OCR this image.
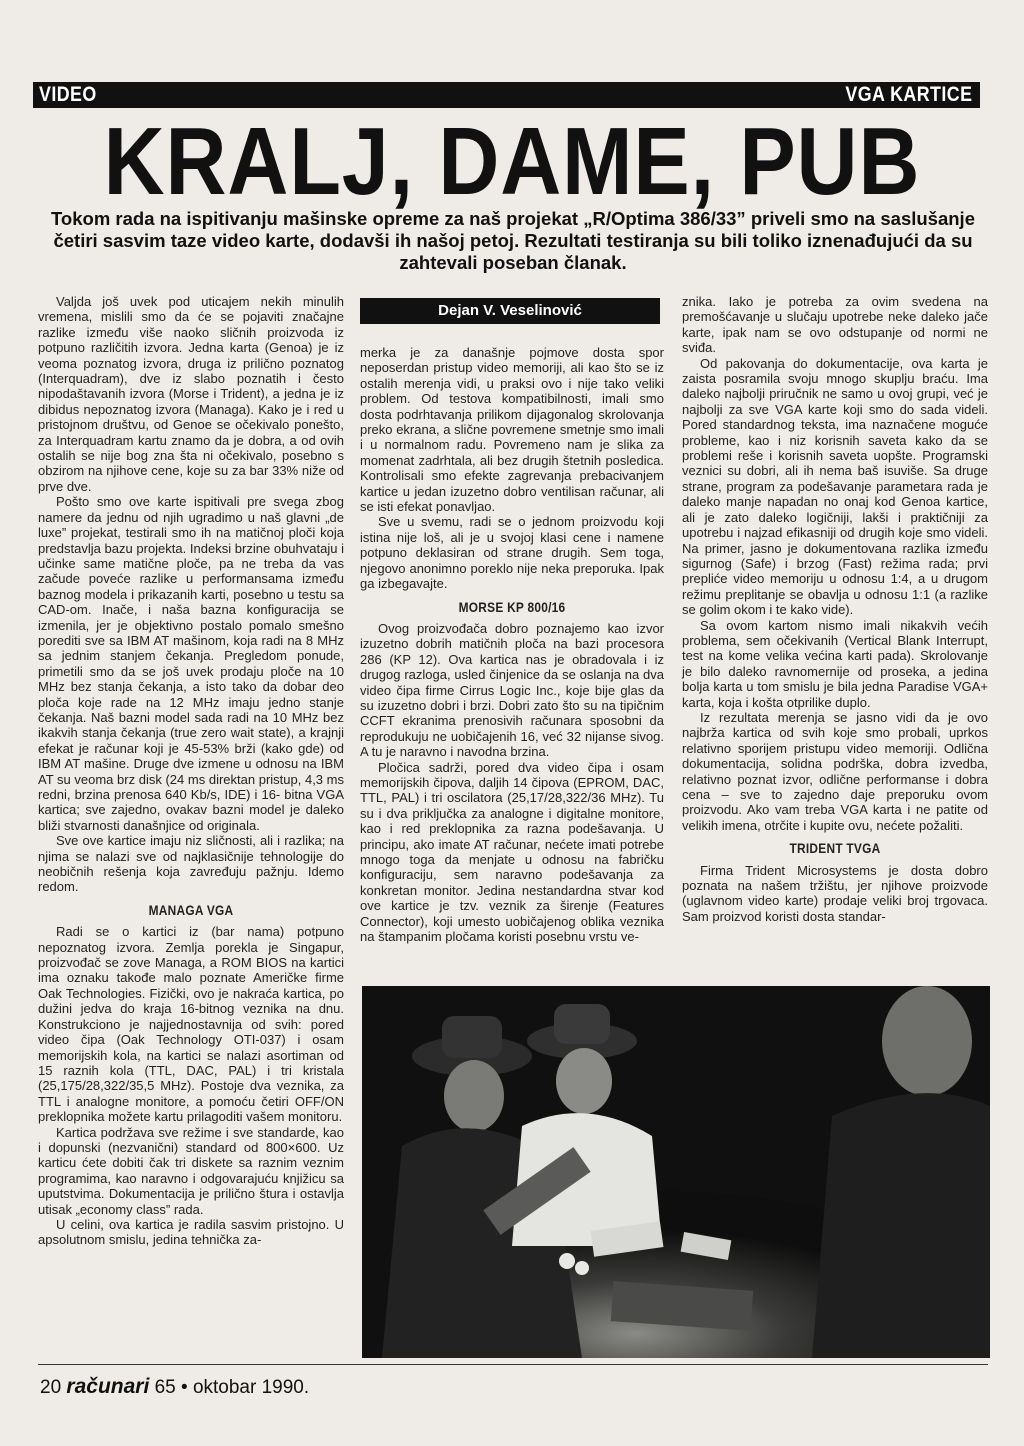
VIDEO	VGA KARTICE
KRALJ, DAME, PUB
Tokom rada na ispitivanju mašinske opreme za naš projekat „R/Optima 386/33” priveli smo na saslušanje četiri sasvim taze video karte, dodavši ih našoj petoj. Rezultati testiranja su bili toliko iznenađujući da su zahtevali poseban članak.

Valjda još uvek pod uticajem nekih minulih vremena, mislili smo da će se pojaviti značajne razlike između više naoko sličnih proizvoda iz potpuno različitih izvora. Jedna karta (Genoa) je iz veoma poznatog izvora, druga iz prilično poznatog (Interquadram), dve iz slabo poznatih i često nipodaštavanih izvora (Morse i Trident), a jedna je iz dibidus nepoznatog izvora (Managa). Kako je i red u pristojnom društvu, od Genoe se očekivalo ponešto, za Interquadram kartu znamo da je dobra, a od ovih ostalih se nije bog zna šta ni očekivalo, posebno s obzirom na njihove cene, koje su za bar 33% niže od prve dve.

Pošto smo ove karte ispitivali pre svega zbog namere da jednu od njih ugradimo u naš glavni „de luxe” projekat, testirali smo ih na matičnoj ploči koja predstavlja bazu projekta. Indeksi brzine obuhvataju i učinke same matične ploče, pa ne treba da vas začude poveće razlike u performansama između baznog modela i prikazanih karti, posebno u testu sa CAD-om. Inače, i naša bazna konfiguracija se izmenila, jer je objektivno postalo pomalo smešno porediti sve sa IBM AT mašinom, koja radi na 8 MHz sa jednim stanjem čekanja. Pregledom ponude, primetili smo da se još uvek prodaju ploče na 10 MHz bez stanja čekanja, a isto tako da dobar deo ploča koje rade na 12 MHz imaju jedno stanje čekanja. Naš bazni model sada radi na 10 MHz bez ikakvih stanja čekanja (true zero wait state), a krajnji efekat je računar koji je 45-53% brži (kako gde) od IBM AT mašine. Druge dve izmene u odnosu na IBM AT su veoma brz disk (24 ms direktan pristup, 4,3 ms redni, brzina prenosa 640 Kb/s, IDE) i 16- bitna VGA kartica; sve zajedno, ovakav bazni model je daleko bliži stvarnosti današnjice od originala.

Sve ove kartice imaju niz sličnosti, ali i razlika; na njima se nalazi sve od najklasičnije tehnologije do neobičnih rešenja koja zavređuju pažnju. Idemo redom.

MANAGA VGA

Radi se o kartici iz (bar nama) potpuno nepoznatog izvora. Zemlja porekla je Singapur, proizvođač se zove Managa, a ROM BIOS na kartici ima oznaku takođe malo poznate Američke firme Oak Technologies. Fizički, ovo je nakraća kartica, po dužini jedva do kraja 16-bitnog veznika na dnu. Konstrukciono je najjednostavnija od svih: pored video čipa (Oak Technology OTI-037) i osam memorijskih kola, na kartici se nalazi asortiman od 15 raznih kola (TTL, DAC, PAL) i tri kristala (25,175/28,322/35,5 MHz). Postoje dva veznika, za TTL i analogne monitore, a pomoću četiri OFF/ON preklopnika možete kartu prilagoditi vašem monitoru.

Kartica podržava sve režime i sve standarde, kao i dopunski (nezvanični) standard od 800×600. Uz karticu ćete dobiti čak tri diskete sa raznim veznim programima, kao naravno i odgovarajuću knjižicu sa uputstvima. Dokumentacija je prilično štura i ostavlja utisak „economy class” rada.

U celini, ova kartica je radila sasvim pristojno. U apsolutnom smislu, jedina tehnička za-

Dejan V. Veselinović

merka je za današnje pojmove dosta spor neposerdan pristup video memoriji, ali kao što se iz ostalih merenja vidi, u praksi ovo i nije tako veliki problem. Od testova kompatibilnosti, imali smo dosta podrhtavanja prilikom dijagonalog skrolovanja preko ekrana, a slične povremene smetnje smo imali i u normalnom radu. Povremeno nam je slika za momenat zadrhtala, ali bez drugih štetnih posledica. Kontrolisali smo efekte zagrevanja prebacivanjem kartice u jedan izuzetno dobro ventilisan računar, ali se isti efekat ponavljao.

Sve u svemu, radi se o jednom proizvodu koji istina nije loš, ali je u svojoj klasi cene i namene potpuno deklasiran od strane drugih. Sem toga, njegovo anonimno poreklo nije neka preporuka. Ipak ga izbegavajte.

MORSE KP 800/16

Ovog proizvođača dobro poznajemo kao izvor izuzetno dobrih matičnih ploča na bazi procesora 286 (KP 12). Ova kartica nas je obradovala i iz drugog razloga, usled činjenice da se oslanja na dva video čipa firme Cirrus Logic Inc., koje bije glas da su izuzetno dobri i brzi. Dobri zato što su na tipičnim CCFT ekranima prenosivih računara sposobni da reprodukuju ne uobičajenih 16, već 32 nijanse sivog. A tu je naravno i navodna brzina.

Pločica sadrži, pored dva video čipa i osam memorijskih čipova, daljih 14 čipova (EPROM, DAC, TTL, PAL) i tri oscilatora (25,17/28,322/36 MHz). Tu su i dva priključka za analogne i digitalne monitore, kao i red preklopnika za razna podešavanja. U principu, ako imate AT računar, nećete imati potrebe mnogo toga da menjate u odnosu na fabričku konfiguraciju, sem naravno podešavanja za konkretan monitor. Jedina nestandardna stvar kod ove kartice je tzv. veznik za širenje (Features Connector), koji umesto uobičajenog oblika veznika na štampanim pločama koristi posebnu vrstu ve-

znika. Iako je potreba za ovim svedena na premošćavanje u slučaju upotrebe neke daleko jače karte, ipak nam se ovo odstupanje od normi ne sviđa.

Od pakovanja do dokumentacije, ova karta je zaista posramila svoju mnogo skuplju braću. Ima daleko najbolji priručnik ne samo u ovoj grupi, već je najbolji za sve VGA karte koji smo do sada videli. Pored standardnog teksta, ima naznačene moguće probleme, kao i niz korisnih saveta kako da se problemi reše i korisnih saveta uopšte. Programski veznici su dobri, ali ih nema baš isuviše. Sa druge strane, program za podešavanje parametara rada je daleko manje napadan no onaj kod Genoa kartice, ali je zato daleko logičniji, lakši i praktičniji za upotrebu i najzad efikasniji od drugih koje smo videli. Na primer, jasno je dokumentovana razlika između sigurnog (Safe) i brzog (Fast) režima rada; prvi prepliće video memoriju u odnosu 1:4, a u drugom režimu preplitanje se obavlja u odnosu 1:1 (a razlike se golim okom i te kako vide).

Sa ovom kartom nismo imali nikakvih većih problema, sem očekivanih (Vertical Blank Interrupt, test na kome velika većina karti pada). Skrolovanje je bilo daleko ravnomernije od proseka, a jedina bolja karta u tom smislu je bila jedna Paradise VGA+ karta, koja i košta otprilike duplo.

Iz rezultata merenja se jasno vidi da je ovo najbrža kartica od svih koje smo probali, uprkos relativno sporijem pristupu video memoriji. Odlična dokumentacija, solidna podrška, dobra izvedba, relativno poznat izvor, odlične performanse i dobra cena – sve to zajedno daje preporuku ovom proizvodu. Ako vam treba VGA karta i ne patite od velikih imena, otrčite i kupite ovu, nećete požaliti.

TRIDENT TVGA

Firma Trident Microsystems je dosta dobro poznata na našem tržištu, jer njihove proizvode (uglavnom video karte) prodaje veliki broj trgovaca. Sam proizvod koristi dosta standar-

20 računari 65 • oktobar 1990.
